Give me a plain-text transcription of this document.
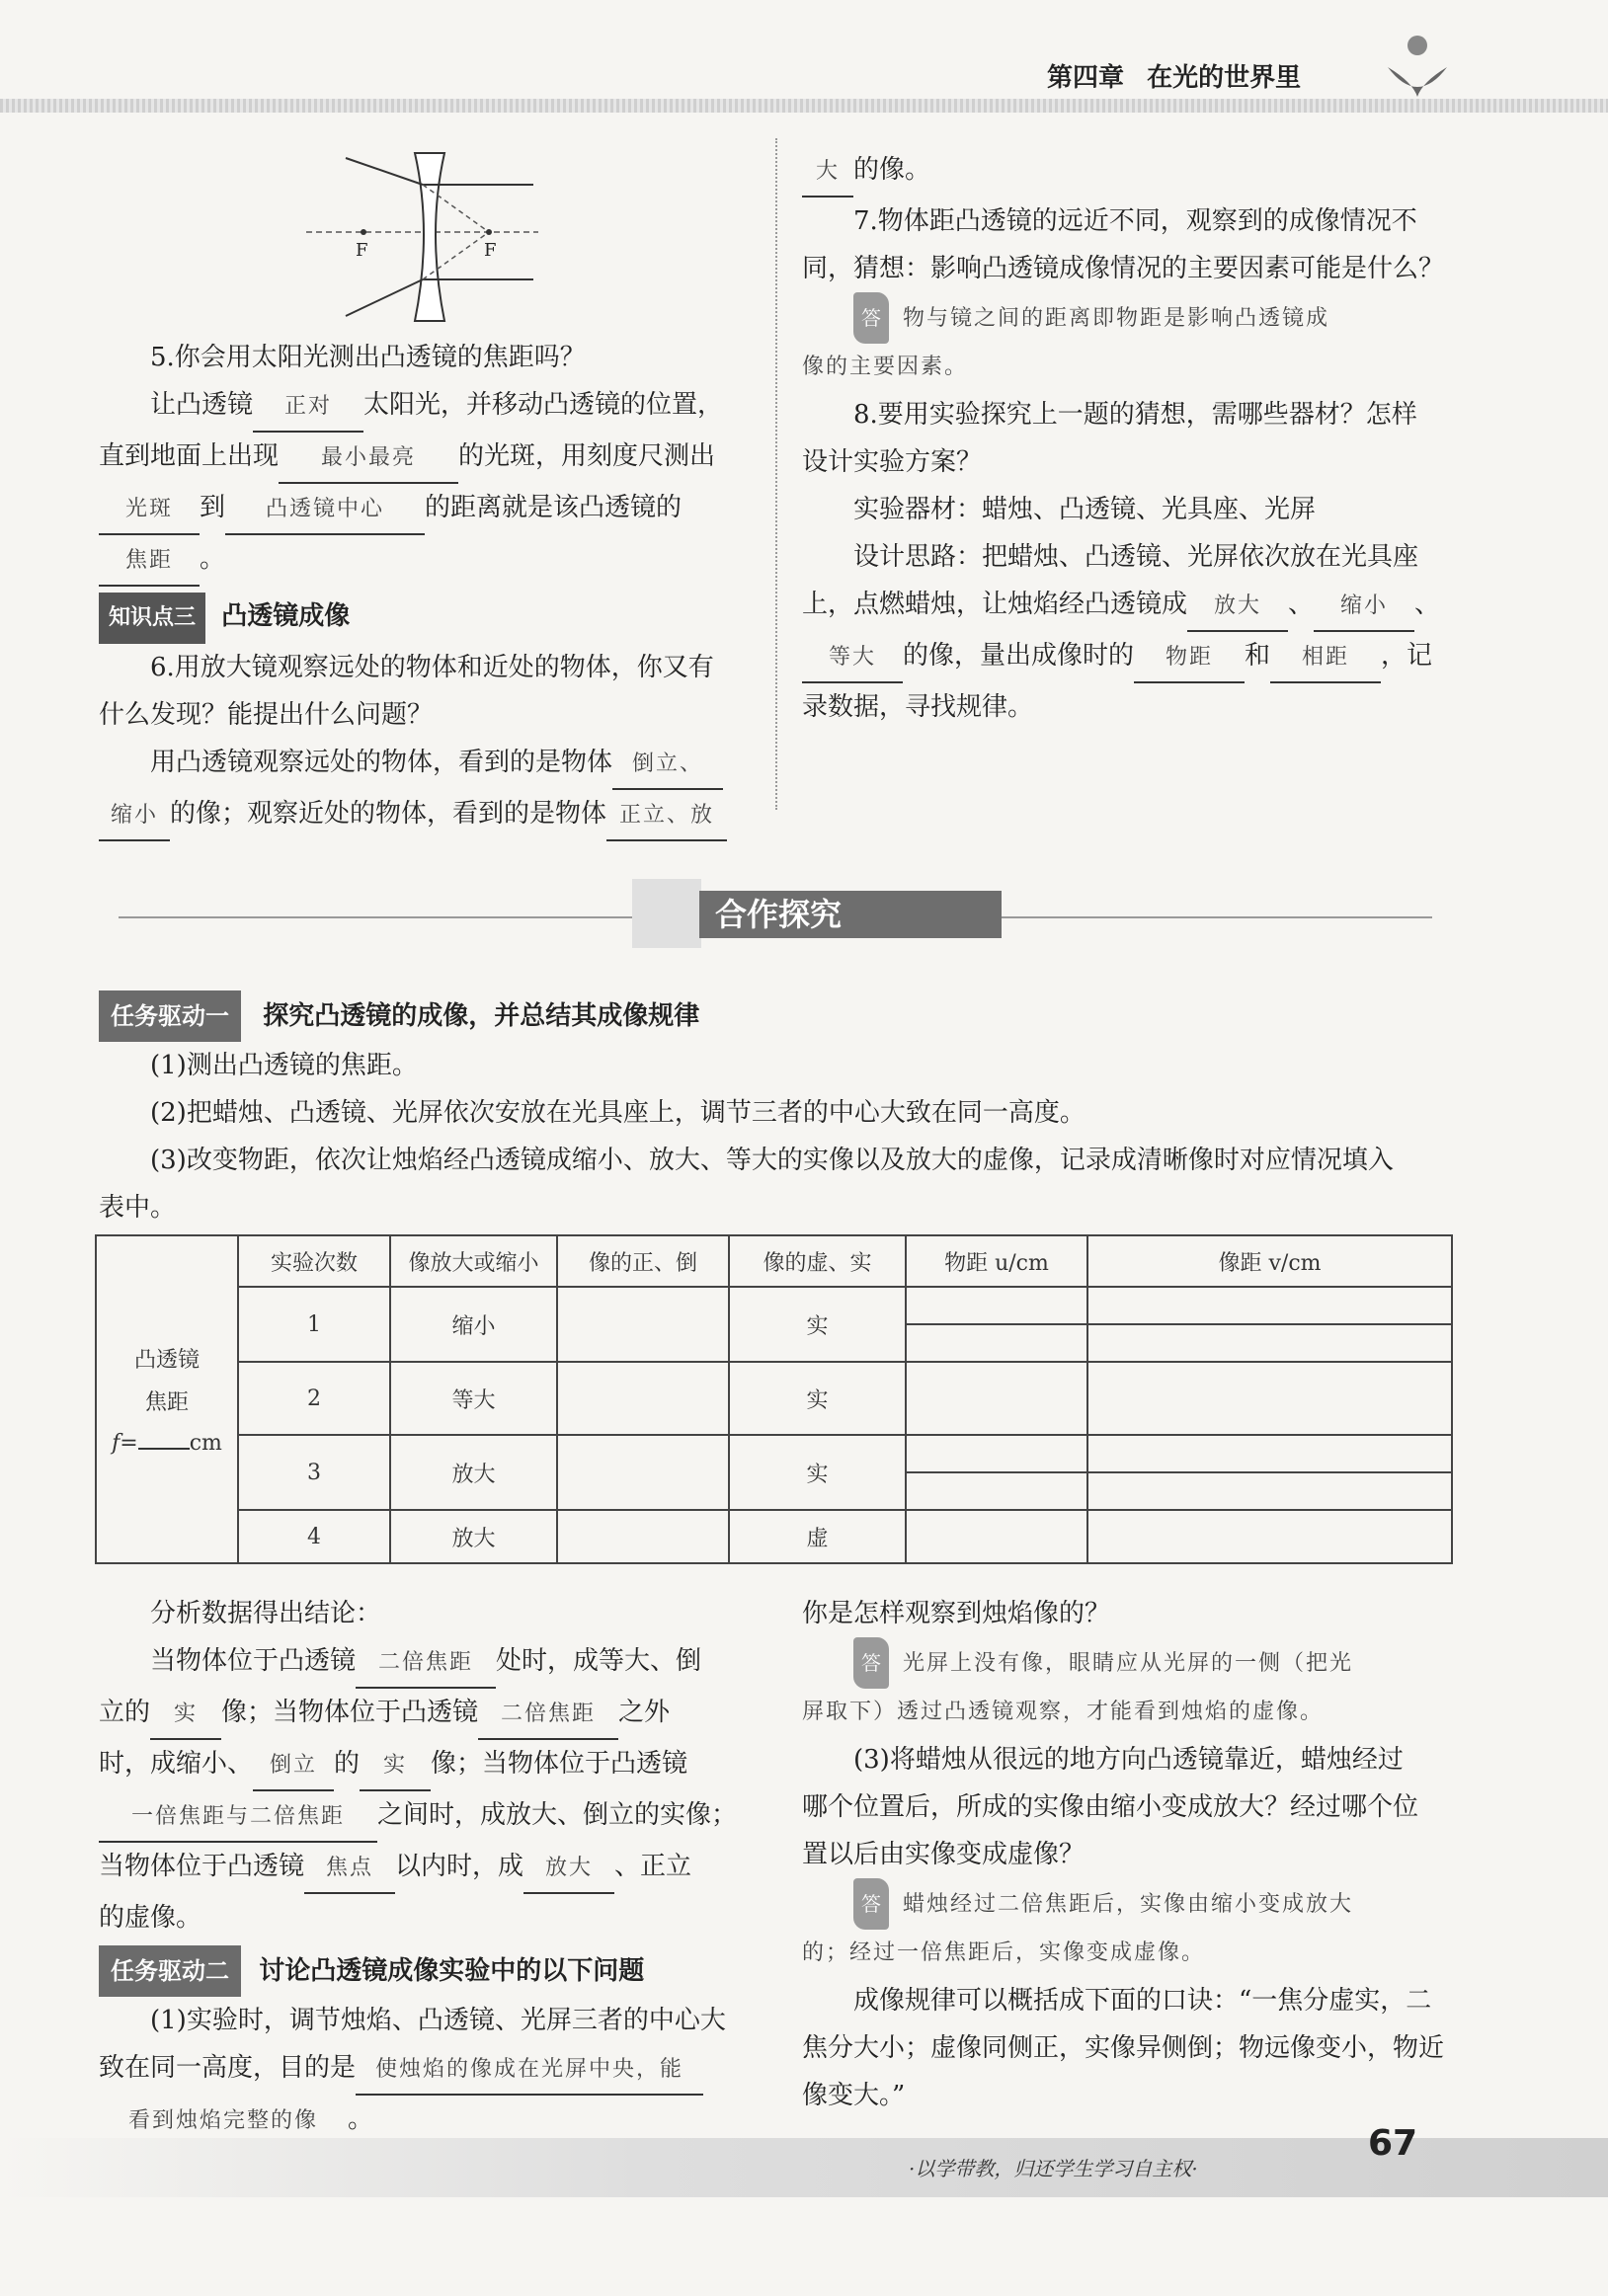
第四章 在光的世界里
F	F
5.你会用太阳光测出凸透镜的焦距吗？
让凸透镜 正对 太阳光，并移动凸透镜的位置，
直到地面上出现 最小最亮 的光斑，用刻度尺测出
光斑 到 凸透镜中心 的距离就是该凸透镜的
焦距 。
知识点三 凸透镜成像
6.用放大镜观察远处的物体和近处的物体，你又有
什么发现？能提出什么问题？
用凸透镜观察远处的物体，看到的是物体 倒立、
缩小 的像；观察近处的物体，看到的是物体 正立、放
大 的像。
7.物体距凸透镜的远近不同，观察到的成像情况不
同，猜想：影响凸透镜成像情况的主要因素可能是什么？
答 物与镜之间的距离即物距是影响凸透镜成
像的主要因素。
8.要用实验探究上一题的猜想，需哪些器材？怎样
设计实验方案？
实验器材：蜡烛、凸透镜、光具座、光屏
设计思路：把蜡烛、凸透镜、光屏依次放在光具座
上，点燃蜡烛，让烛焰经凸透镜成 放大 、 缩小 、
等大 的像，量出成像时的 物距 和 相距 ，记
录数据，寻找规律。
合作探究
任务驱动一 探究凸透镜的成像，并总结其成像规律
(1)测出凸透镜的焦距。
(2)把蜡烛、凸透镜、光屏依次安放在光具座上，调节三者的中心大致在同一高度。
(3)改变物距，依次让烛焰经凸透镜成缩小、放大、等大的实像以及放大的虚像，记录成清晰像时对应情况填入
表中。
凸透镜
焦距
f= cm	实验次数	像放大或缩小	像的正、倒	像的虚、实	物距 u/cm	像距 v/cm
	1	缩小		实		

	2	等大		实		
	3	放大		实		

	4	放大		虚		
分析数据得出结论：
当物体位于凸透镜 二倍焦距 处时，成等大、倒
立的 实 像；当物体位于凸透镜 二倍焦距 之外
时，成缩小、 倒立 的 实 像；当物体位于凸透镜
一倍焦距与二倍焦距 之间时，成放大、倒立的实像；
当物体位于凸透镜 焦点 以内时，成 放大 、正立
的虚像。
任务驱动二 讨论凸透镜成像实验中的以下问题
(1)实验时，调节烛焰、凸透镜、光屏三者的中心大
致在同一高度，目的是 使烛焰的像成在光屏中央，能
看到烛焰完整的像 。
你是怎样观察到烛焰像的？
答 光屏上没有像，眼睛应从光屏的一侧（把光
屏取下）透过凸透镜观察，才能看到烛焰的虚像。
(3)将蜡烛从很远的地方向凸透镜靠近，蜡烛经过
哪个位置后，所成的实像由缩小变成放大？经过哪个位
置以后由实像变成虚像？
答 蜡烛经过二倍焦距后，实像由缩小变成放大
的；经过一倍焦距后，实像变成虚像。
成像规律可以概括成下面的口诀：“一焦分虚实，二
焦分大小；虚像同侧正，实像异侧倒；物远像变小，物近
像变大。”
·以学带教，归还学生学习自主权·
67
